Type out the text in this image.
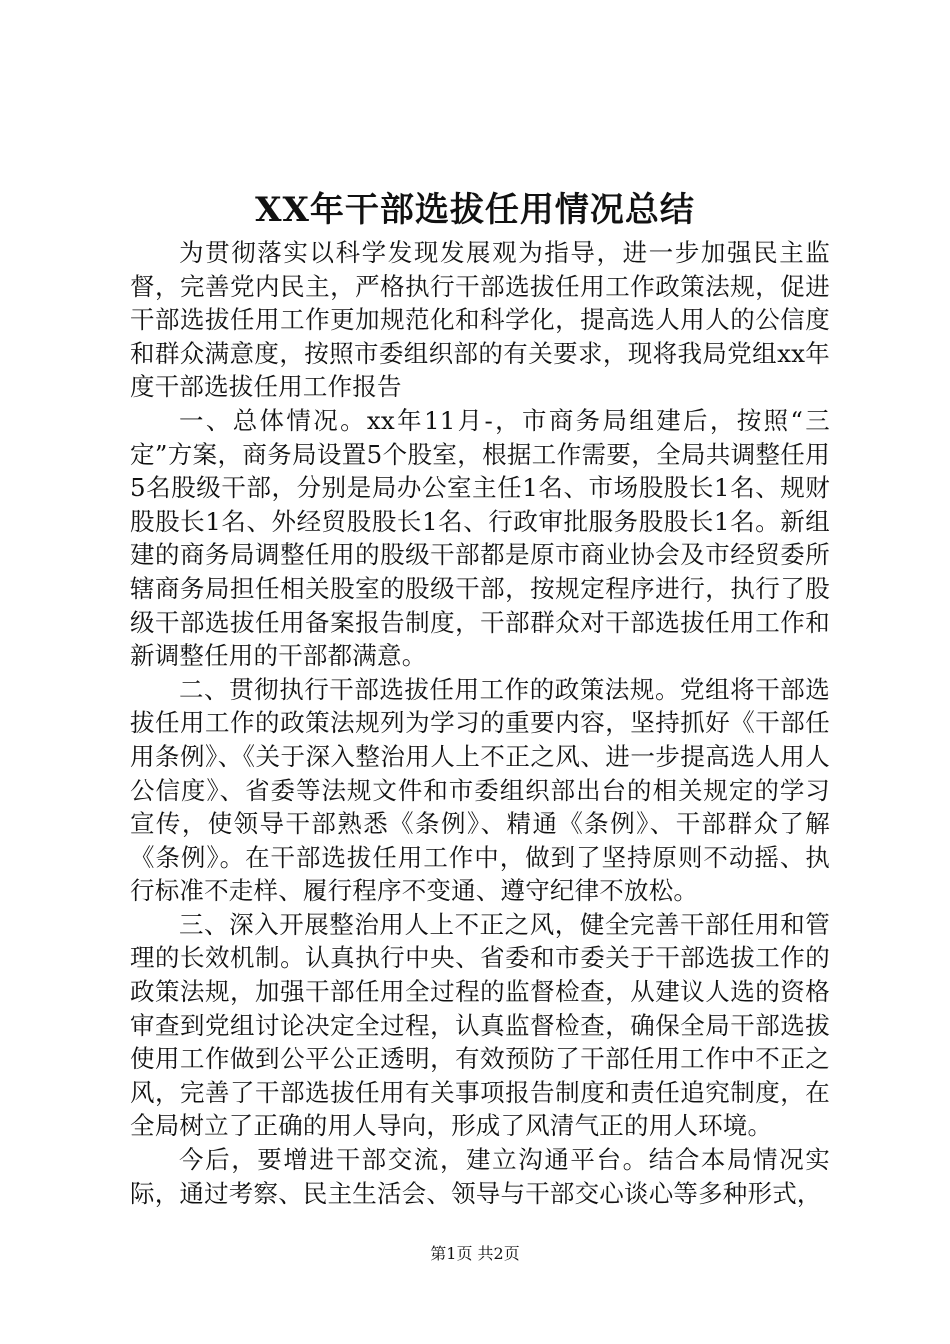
XX年干部选拔任用情况总结

为贯彻落实以科学发现发展观为指导，进一步加强民主监督，完善党内民主，严格执行干部选拔任用工作政策法规，促进干部选拔任用工作更加规范化和科学化，提高选人用人的公信度和群众满意度，按照市委组织部的有关要求，现将我局党组xx年度干部选拔任用工作报告

一、总体情况。xx年11月-，市商务局组建后，按照“三定”方案，商务局设置5个股室，根据工作需要，全局共调整任用5名股级干部，分别是局办公室主任1名、市场股股长1名、规财股股长1名、外经贸股股长1名、行政审批服务股股长1名。新组建的商务局调整任用的股级干部都是原市商业协会及市经贸委所辖商务局担任相关股室的股级干部，按规定程序进行，执行了股级干部选拔任用备案报告制度，干部群众对干部选拔任用工作和新调整任用的干部都满意。

二、贯彻执行干部选拔任用工作的政策法规。党组将干部选拔任用工作的政策法规列为学习的重要内容，坚持抓好《干部任用条例》、《关于深入整治用人上不正之风、进一步提高选人用人公信度》、省委等法规文件和市委组织部出台的相关规定的学习宣传，使领导干部熟悉《条例》、精通《条例》、干部群众了解《条例》。在干部选拔任用工作中，做到了坚持原则不动摇、执行标准不走样、履行程序不变通、遵守纪律不放松。

三、深入开展整治用人上不正之风，健全完善干部任用和管理的长效机制。认真执行中央、省委和市委关于干部选拔工作的政策法规，加强干部任用全过程的监督检查，从建议人选的资格审查到党组讨论决定全过程，认真监督检查，确保全局干部选拔使用工作做到公平公正透明，有效预防了干部任用工作中不正之风，完善了干部选拔任用有关事项报告制度和责任追究制度，在全局树立了正确的用人导向，形成了风清气正的用人环境。

今后，要增进干部交流，建立沟通平台。结合本局情况实际，通过考察、民主生活会、领导与干部交心谈心等多种形式，

第1页 共2页
